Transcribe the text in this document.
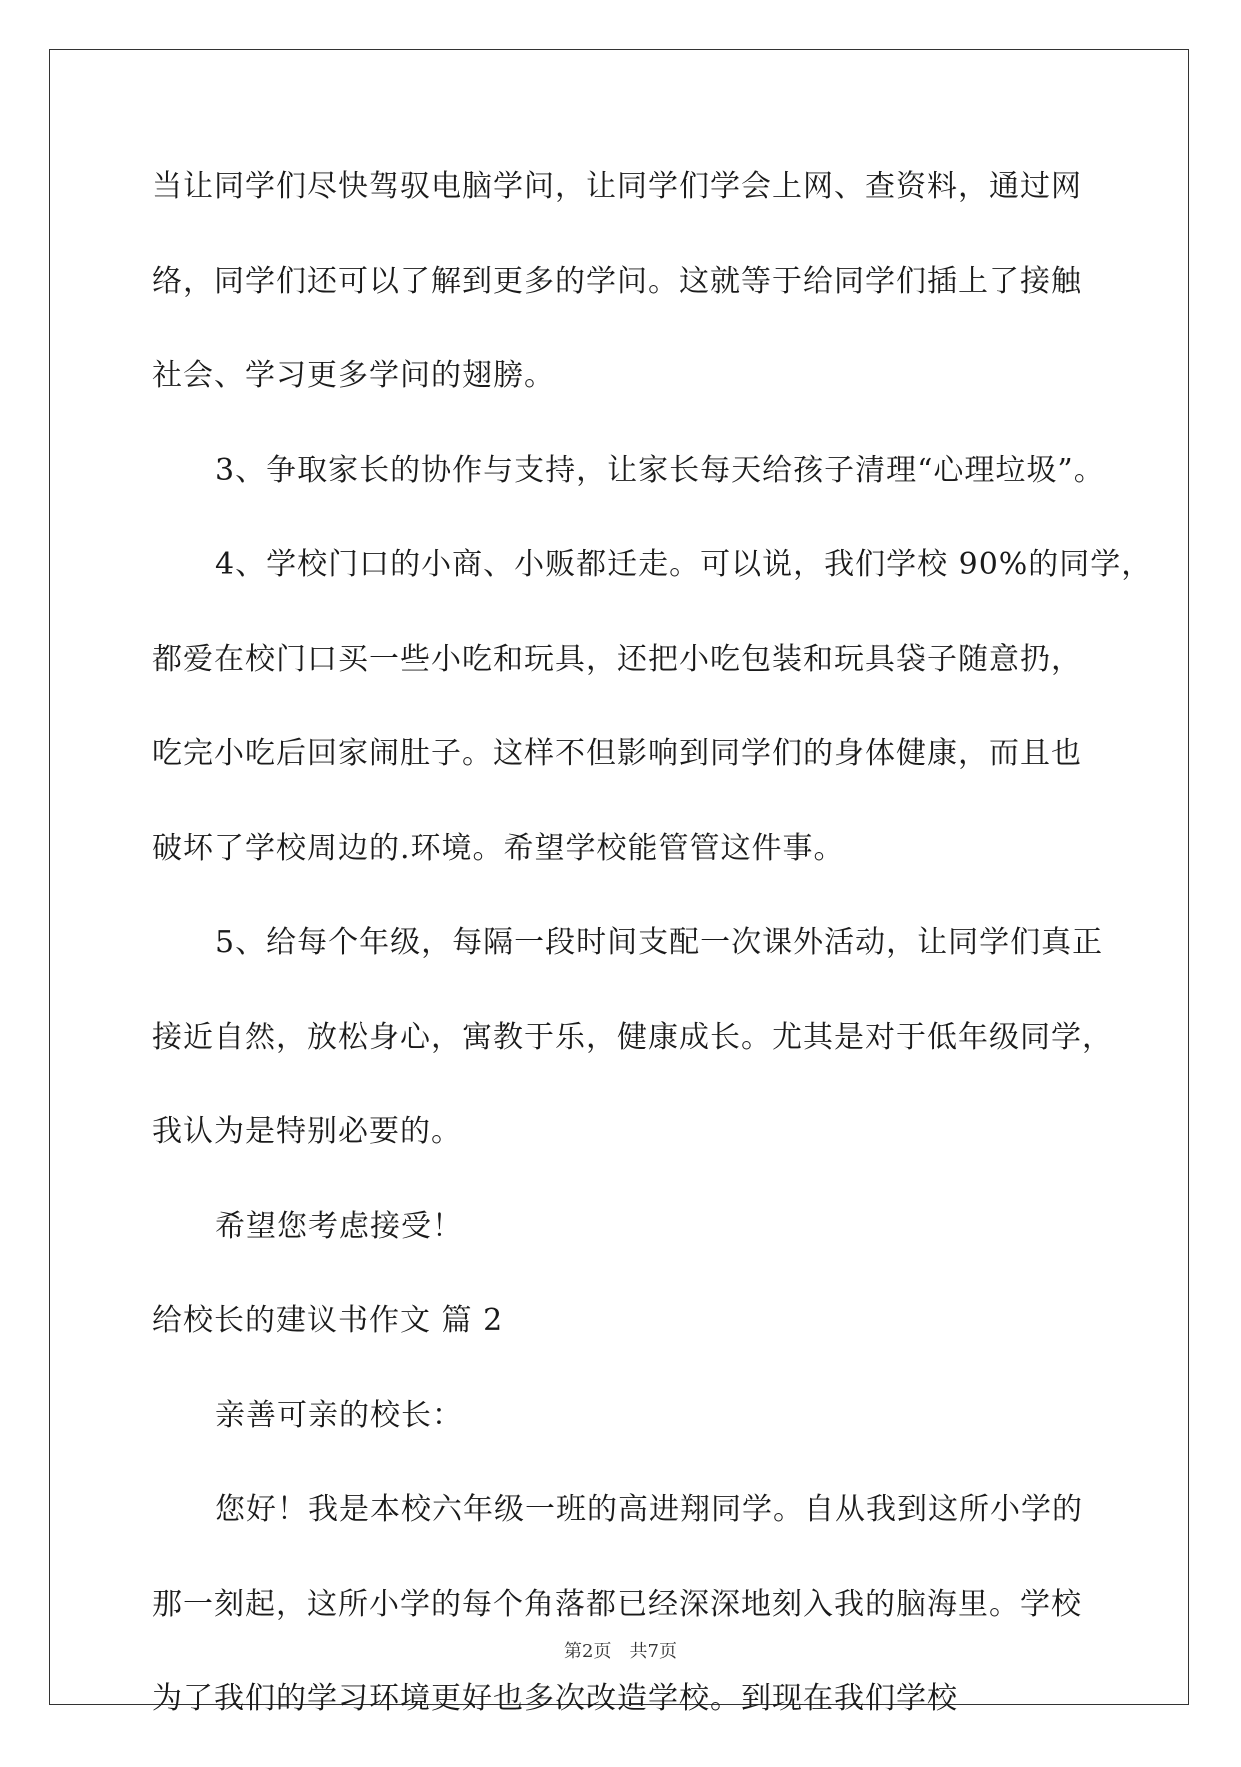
当让同学们尽快驾驭电脑学问，让同学们学会上网、查资料，通过网
络，同学们还可以了解到更多的学问。这就等于给同学们插上了接触
社会、学习更多学问的翅膀。
3、争取家长的协作与支持，让家长每天给孩子清理“心理垃圾”。
4、学校门口的小商、小贩都迁走。可以说，我们学校 90%的同学，
都爱在校门口买一些小吃和玩具，还把小吃包装和玩具袋子随意扔，
吃完小吃后回家闹肚子。这样不但影响到同学们的身体健康，而且也
破坏了学校周边的.环境。希望学校能管管这件事。
5、给每个年级，每隔一段时间支配一次课外活动，让同学们真正
接近自然，放松身心，寓教于乐，健康成长。尤其是对于低年级同学，
我认为是特别必要的。
希望您考虑接受！
给校长的建议书作文 篇 2
亲善可亲的校长：
您好！我是本校六年级一班的高进翔同学。自从我到这所小学的
那一刻起，这所小学的每个角落都已经深深地刻入我的脑海里。学校
为了我们的学习环境更好也多次改造学校。到现在我们学校
第2页 共7页
